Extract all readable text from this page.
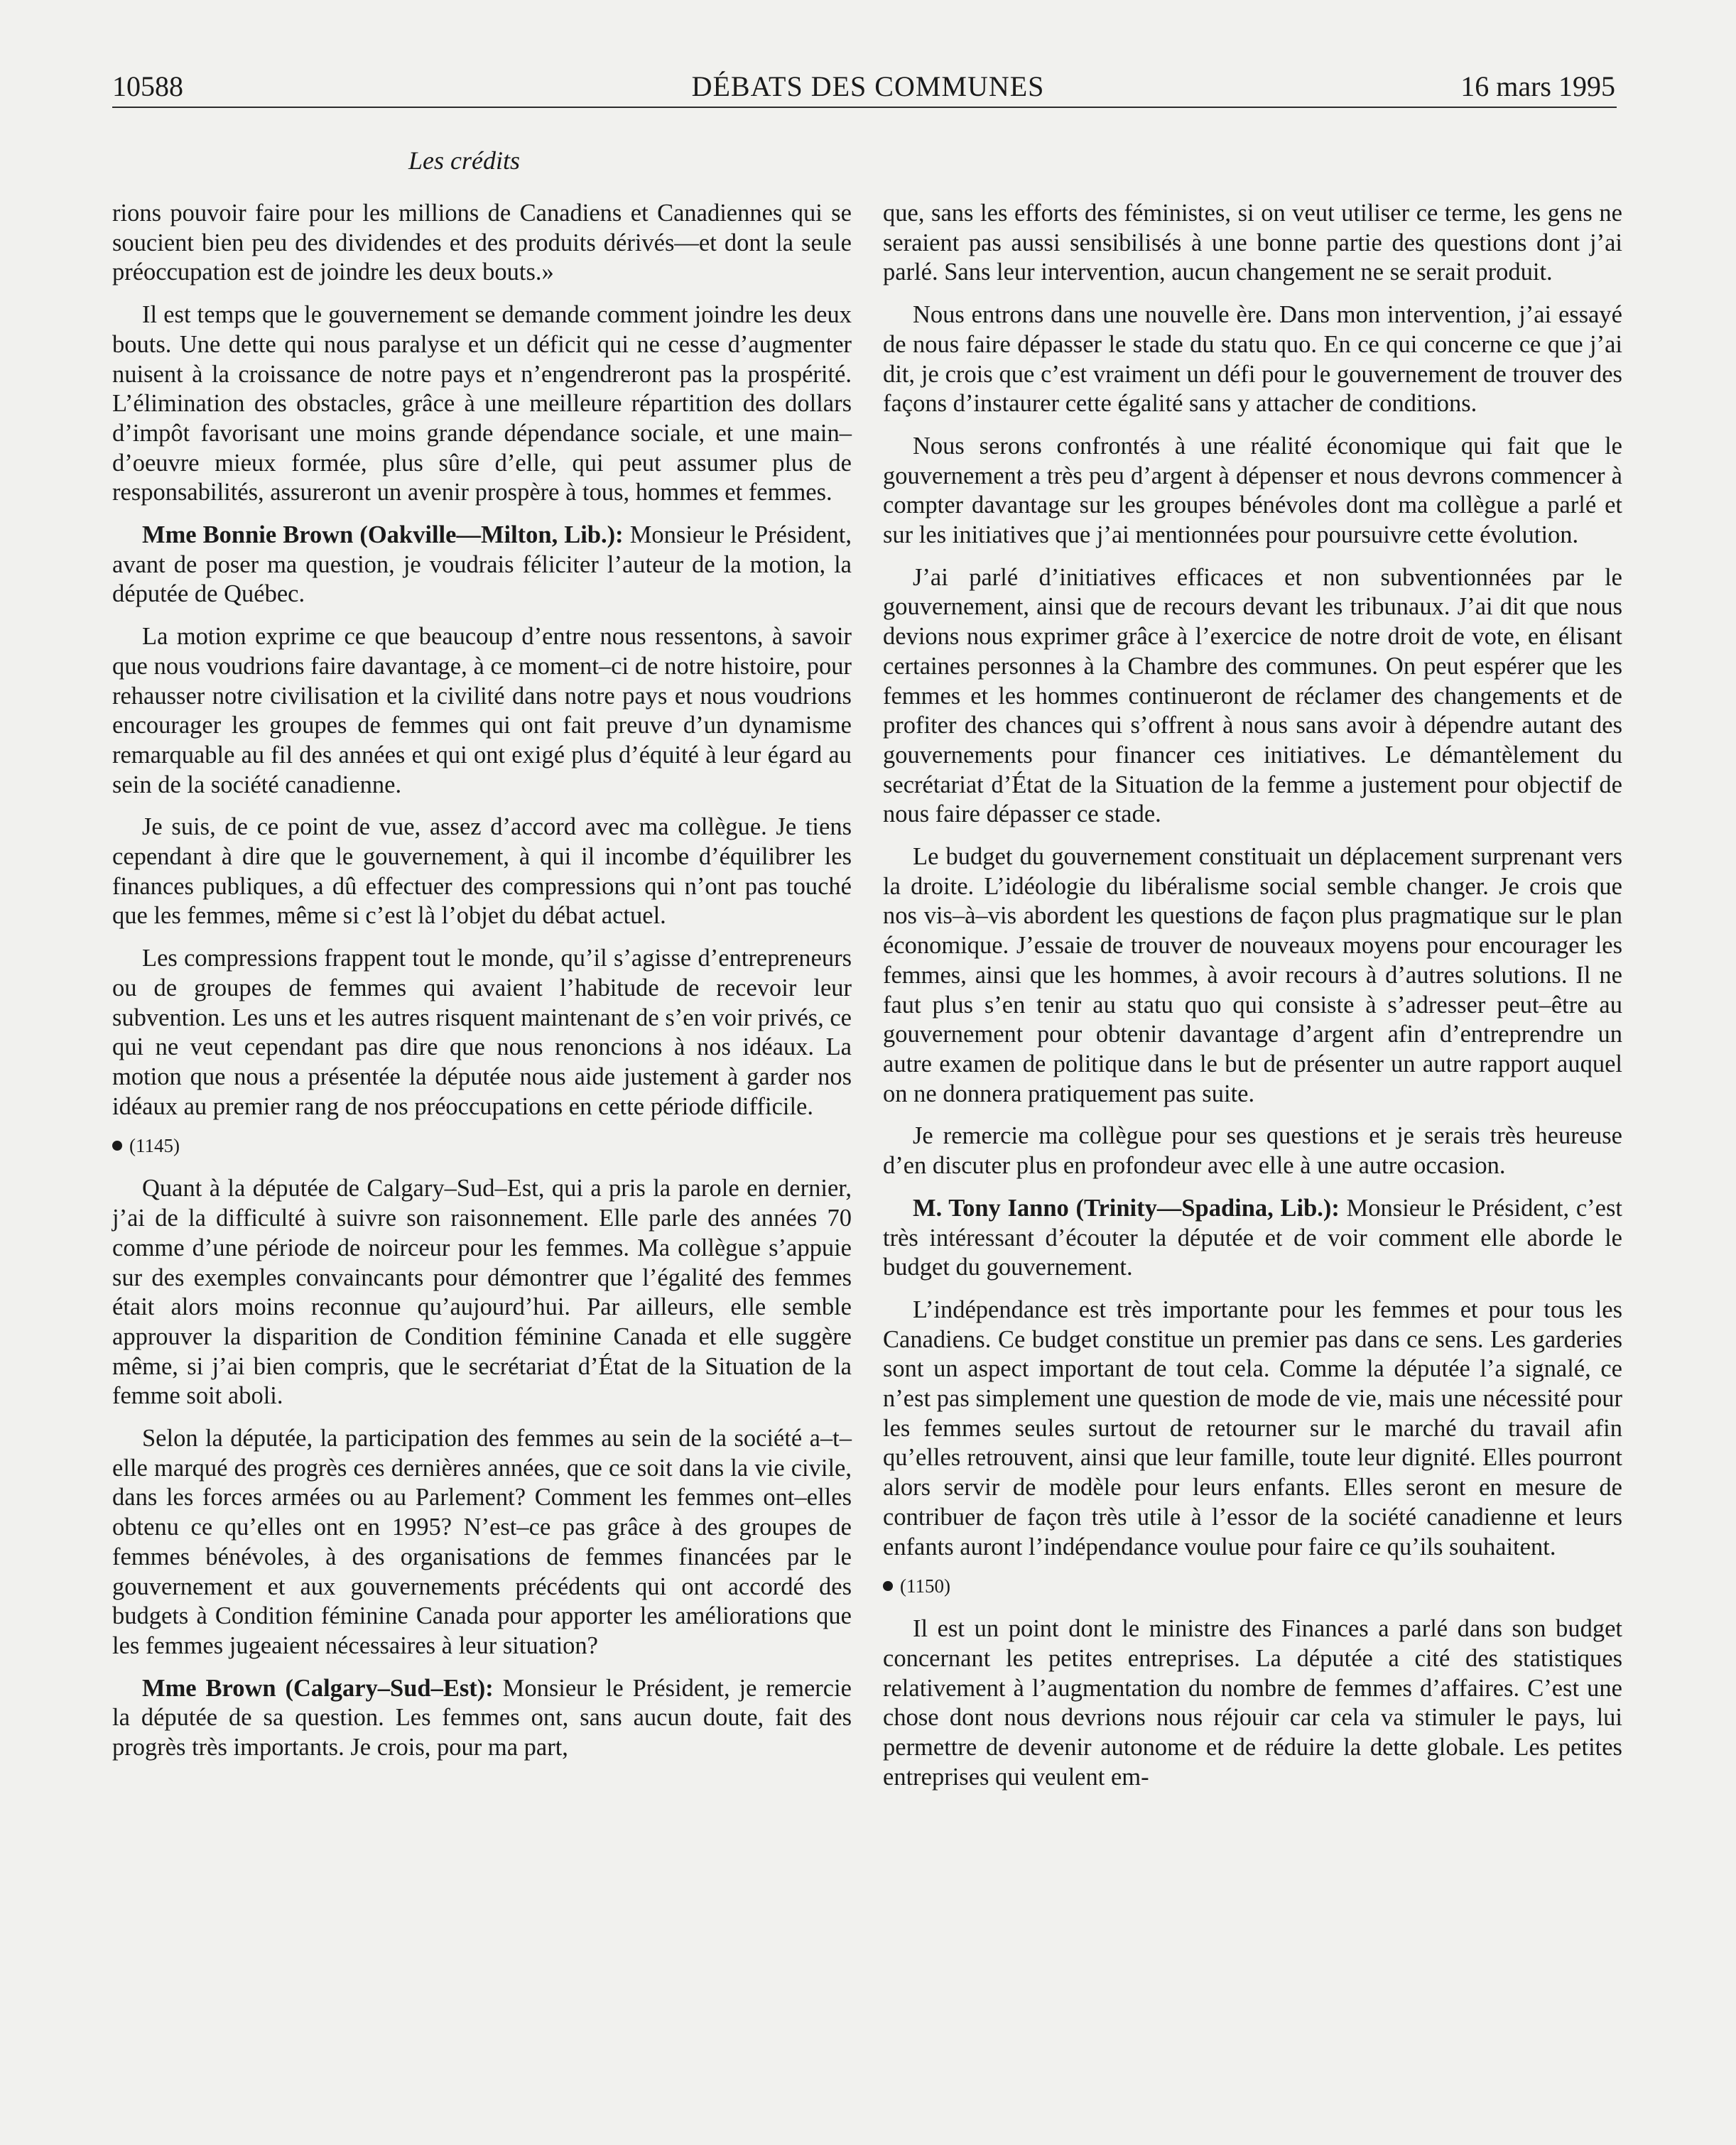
10588	DÉBATS DES COMMUNES	16 mars 1995
Les crédits

rions pouvoir faire pour les millions de Canadiens et Canadiennes qui se soucient bien peu des dividendes et des produits dérivés—et dont la seule préoccupation est de joindre les deux bouts.»

Il est temps que le gouvernement se demande comment joindre les deux bouts. Une dette qui nous paralyse et un déficit qui ne cesse d’augmenter nuisent à la croissance de notre pays et n’engendreront pas la prospérité. L’élimination des obstacles, grâce à une meilleure répartition des dollars d’impôt favorisant une moins grande dépendance sociale, et une main–d’oeuvre mieux formée, plus sûre d’elle, qui peut assumer plus de responsabilités, assureront un avenir prospère à tous, hommes et femmes.

Mme Bonnie Brown (Oakville—Milton, Lib.): Monsieur le Président, avant de poser ma question, je voudrais féliciter l’auteur de la motion, la députée de Québec.

La motion exprime ce que beaucoup d’entre nous ressentons, à savoir que nous voudrions faire davantage, à ce moment–ci de notre histoire, pour rehausser notre civilisation et la civilité dans notre pays et nous voudrions encourager les groupes de femmes qui ont fait preuve d’un dynamisme remarquable au fil des années et qui ont exigé plus d’équité à leur égard au sein de la société canadienne.

Je suis, de ce point de vue, assez d’accord avec ma collègue. Je tiens cependant à dire que le gouvernement, à qui il incombe d’équilibrer les finances publiques, a dû effectuer des compressions qui n’ont pas touché que les femmes, même si c’est là l’objet du débat actuel.

Les compressions frappent tout le monde, qu’il s’agisse d’entrepreneurs ou de groupes de femmes qui avaient l’habitude de recevoir leur subvention. Les uns et les autres risquent maintenant de s’en voir privés, ce qui ne veut cependant pas dire que nous renoncions à nos idéaux. La motion que nous a présentée la députée nous aide justement à garder nos idéaux au premier rang de nos préoccupations en cette période difficile.

(1145)

Quant à la députée de Calgary–Sud–Est, qui a pris la parole en dernier, j’ai de la difficulté à suivre son raisonnement. Elle parle des années 70 comme d’une période de noirceur pour les femmes. Ma collègue s’appuie sur des exemples convaincants pour démontrer que l’égalité des femmes était alors moins reconnue qu’aujourd’hui. Par ailleurs, elle semble approuver la disparition de Condition féminine Canada et elle suggère même, si j’ai bien compris, que le secrétariat d’État de la Situation de la femme soit aboli.

Selon la députée, la participation des femmes au sein de la société a–t–elle marqué des progrès ces dernières années, que ce soit dans la vie civile, dans les forces armées ou au Parlement? Comment les femmes ont–elles obtenu ce qu’elles ont en 1995? N’est–ce pas grâce à des groupes de femmes bénévoles, à des organisations de femmes financées par le gouvernement et aux gouvernements précédents qui ont accordé des budgets à Condition féminine Canada pour apporter les améliorations que les femmes jugeaient nécessaires à leur situation?

Mme Brown (Calgary–Sud–Est): Monsieur le Président, je remercie la députée de sa question. Les femmes ont, sans aucun doute, fait des progrès très importants. Je crois, pour ma part,

que, sans les efforts des féministes, si on veut utiliser ce terme, les gens ne seraient pas aussi sensibilisés à une bonne partie des questions dont j’ai parlé. Sans leur intervention, aucun changement ne se serait produit.

Nous entrons dans une nouvelle ère. Dans mon intervention, j’ai essayé de nous faire dépasser le stade du statu quo. En ce qui concerne ce que j’ai dit, je crois que c’est vraiment un défi pour le gouvernement de trouver des façons d’instaurer cette égalité sans y attacher de conditions.

Nous serons confrontés à une réalité économique qui fait que le gouvernement a très peu d’argent à dépenser et nous devrons commencer à compter davantage sur les groupes bénévoles dont ma collègue a parlé et sur les initiatives que j’ai mentionnées pour poursuivre cette évolution.

J’ai parlé d’initiatives efficaces et non subventionnées par le gouvernement, ainsi que de recours devant les tribunaux. J’ai dit que nous devions nous exprimer grâce à l’exercice de notre droit de vote, en élisant certaines personnes à la Chambre des communes. On peut espérer que les femmes et les hommes continueront de réclamer des changements et de profiter des chances qui s’offrent à nous sans avoir à dépendre autant des gouvernements pour financer ces initiatives. Le démantèlement du secrétariat d’État de la Situation de la femme a justement pour objectif de nous faire dépasser ce stade.

Le budget du gouvernement constituait un déplacement surprenant vers la droite. L’idéologie du libéralisme social semble changer. Je crois que nos vis–à–vis abordent les questions de façon plus pragmatique sur le plan économique. J’essaie de trouver de nouveaux moyens pour encourager les femmes, ainsi que les hommes, à avoir recours à d’autres solutions. Il ne faut plus s’en tenir au statu quo qui consiste à s’adresser peut–être au gouvernement pour obtenir davantage d’argent afin d’entreprendre un autre examen de politique dans le but de présenter un autre rapport auquel on ne donnera pratiquement pas suite.

Je remercie ma collègue pour ses questions et je serais très heureuse d’en discuter plus en profondeur avec elle à une autre occasion.

M. Tony Ianno (Trinity—Spadina, Lib.): Monsieur le Président, c’est très intéressant d’écouter la députée et de voir comment elle aborde le budget du gouvernement.

L’indépendance est très importante pour les femmes et pour tous les Canadiens. Ce budget constitue un premier pas dans ce sens. Les garderies sont un aspect important de tout cela. Comme la députée l’a signalé, ce n’est pas simplement une question de mode de vie, mais une nécessité pour les femmes seules surtout de retourner sur le marché du travail afin qu’elles retrouvent, ainsi que leur famille, toute leur dignité. Elles pourront alors servir de modèle pour leurs enfants. Elles seront en mesure de contribuer de façon très utile à l’essor de la société canadienne et leurs enfants auront l’indépendance voulue pour faire ce qu’ils souhaitent.

(1150)

Il est un point dont le ministre des Finances a parlé dans son budget concernant les petites entreprises. La députée a cité des statistiques relativement à l’augmentation du nombre de femmes d’affaires. C’est une chose dont nous devrions nous réjouir car cela va stimuler le pays, lui permettre de devenir autonome et de réduire la dette globale. Les petites entreprises qui veulent em-
